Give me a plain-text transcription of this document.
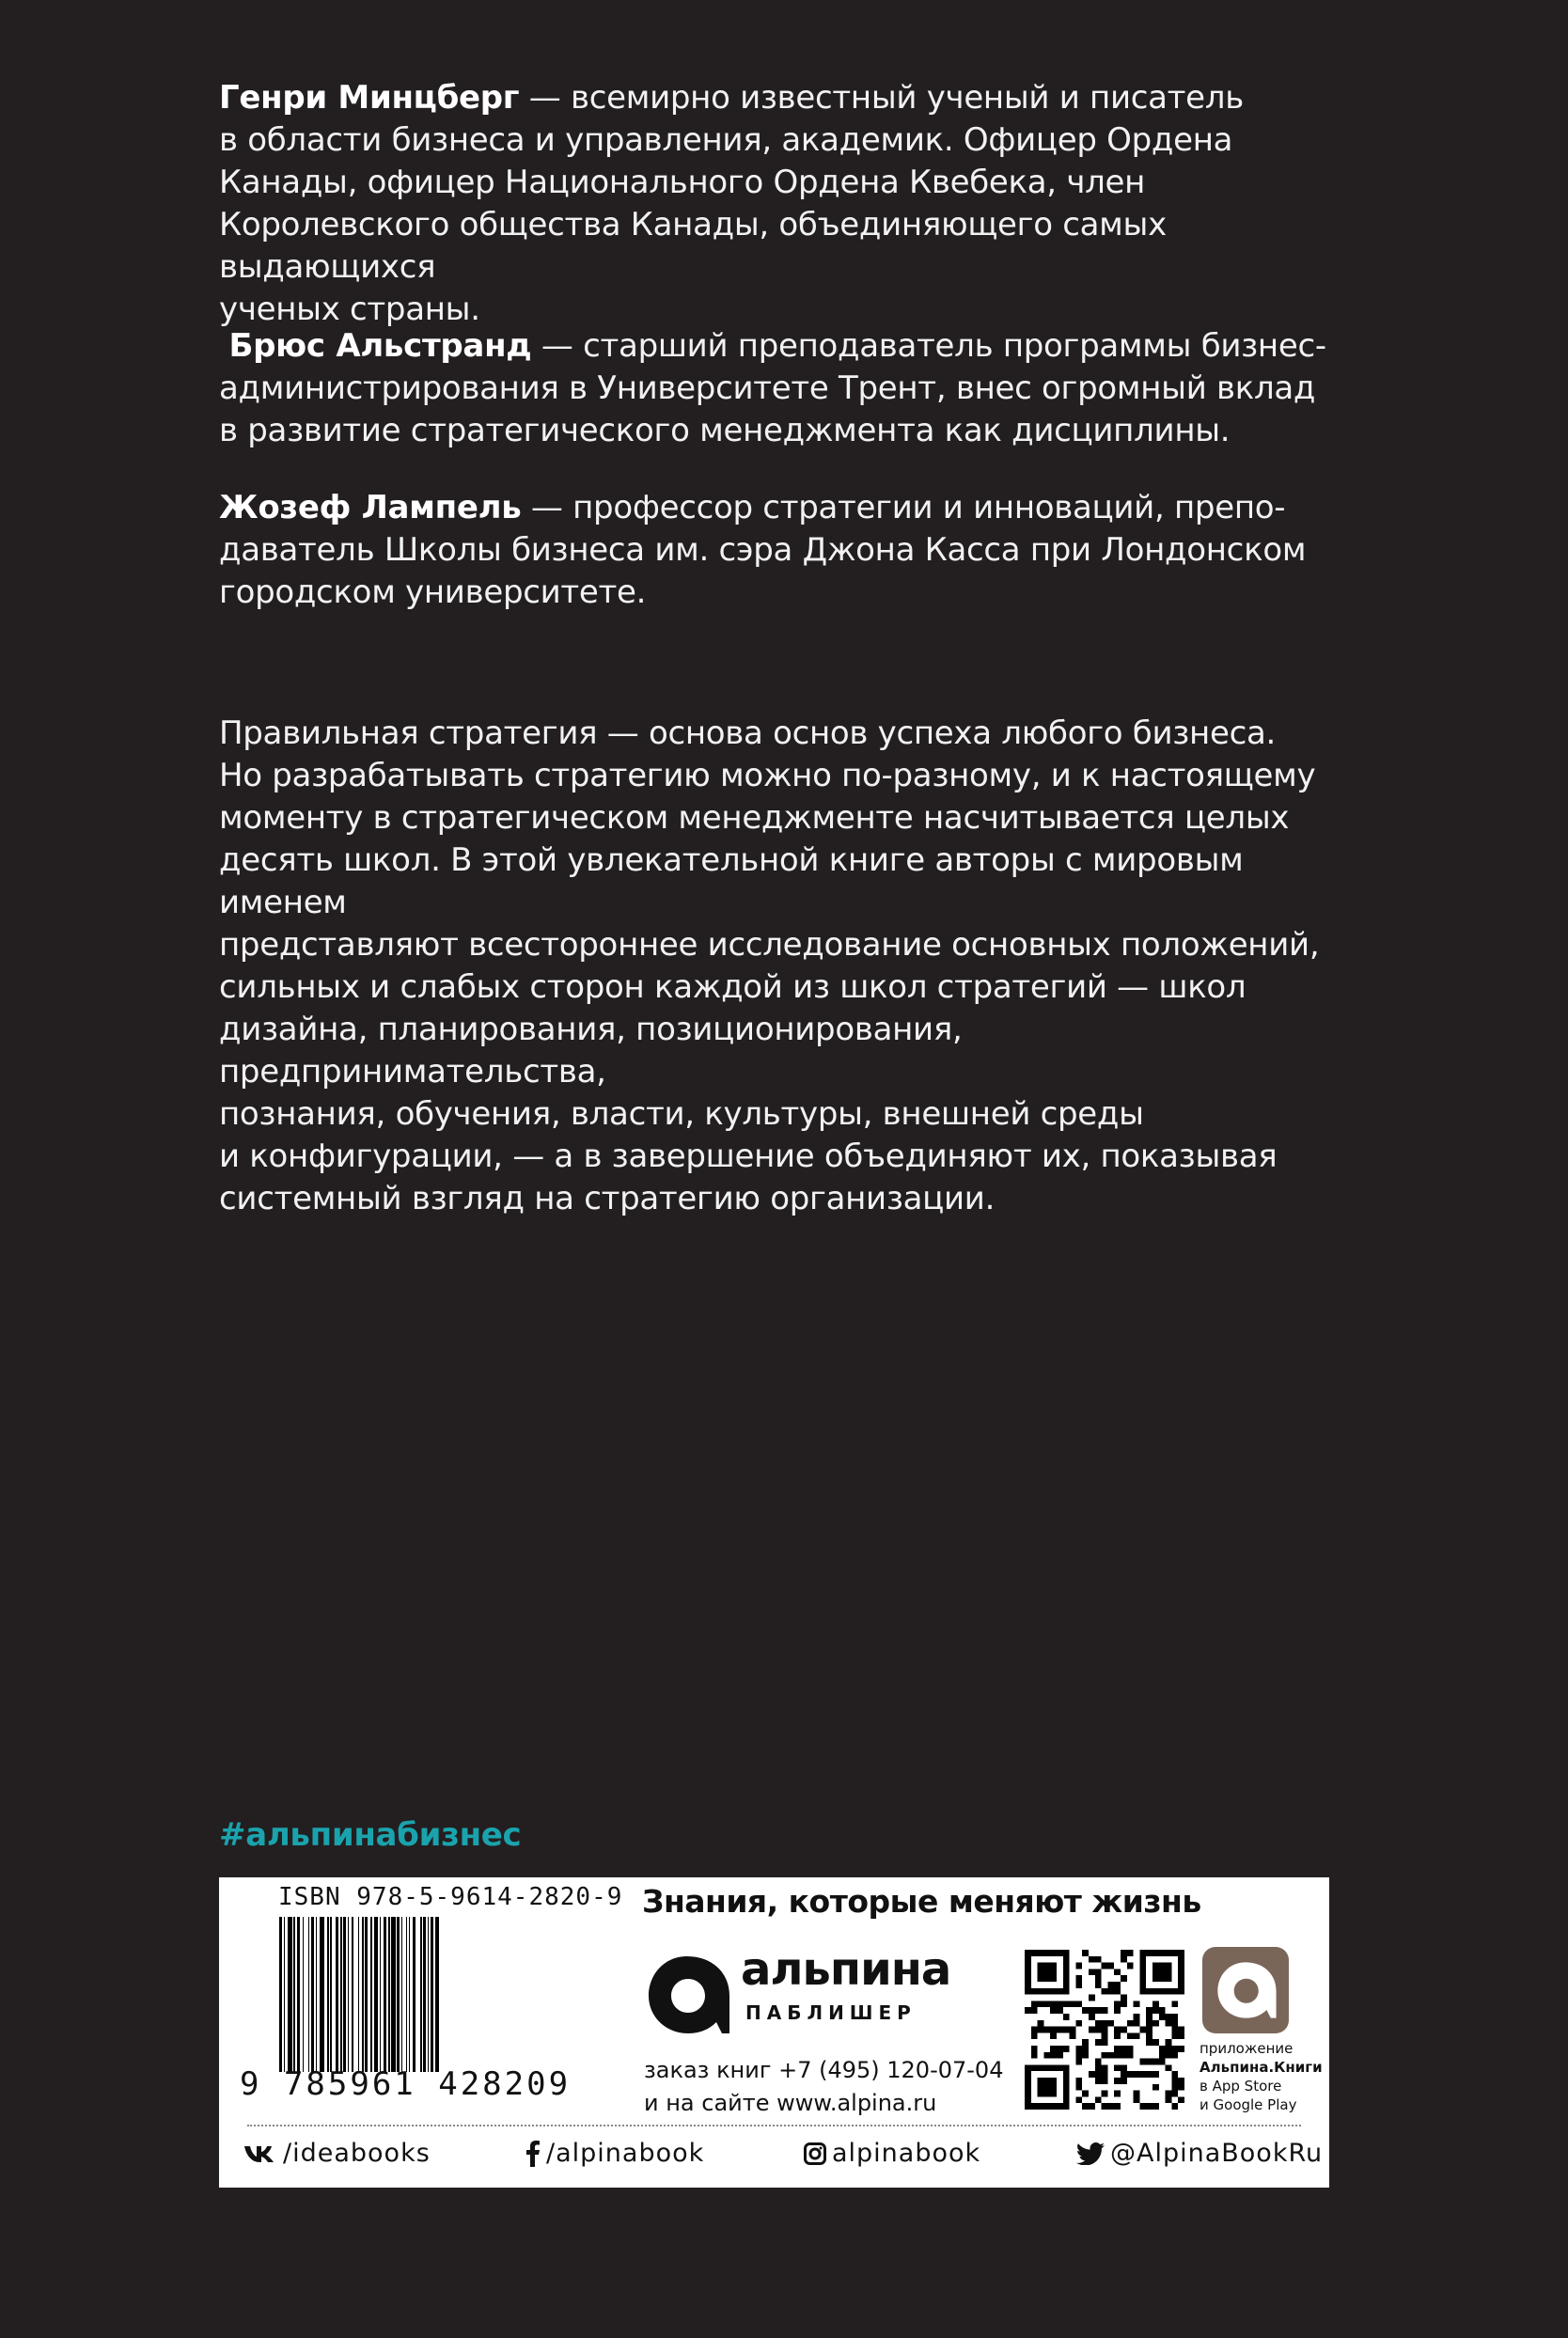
Генри Минцберг — всемирно известный ученый и писатель
в области бизнеса и управления, академик. Офицер Ордена
Канады, офицер Национального Ордена Квебека, член
Королевского общества Канады, объединяющего самых выдающихся
ученых страны.

Брюс Альстранд — старший преподаватель программы бизнес-
администрирования в Университете Трент, внес огромный вклад
в развитие стратегического менеджмента как дисциплины.

Жозеф Лампель — профессор стратегии и инноваций, препо-
даватель Школы бизнеса им. сэра Джона Касса при Лондонском
городском университете.

Правильная стратегия — основа основ успеха любого бизнеса.
Но разрабатывать стратегию можно по-разному, и к настоящему
моменту в стратегическом менеджменте насчитывается целых
десять школ. В этой увлекательной книге авторы с мировым именем
представляют всестороннее исследование основных положений,
сильных и слабых сторон каждой из школ стратегий — школ
дизайна, планирования, позиционирования, предпринимательства,
познания, обучения, власти, культуры, внешней среды
и конфигурации, — а в завершение объединяют их, показывая
системный взгляд на стратегию организации.

#альпинабизнес
ISBN 978-5-9614-2820-9
9 785961 428209
Знания, которые меняют жизнь
альпина
ПАБЛИШЕР
заказ книг +7 (495) 120-07-04
и на сайте www.alpina.ru
приложение
Альпина.Книги
в App Store
и Google Play
/ideabooks	/alpinabook	alpinabook	@AlpinaBookRu
